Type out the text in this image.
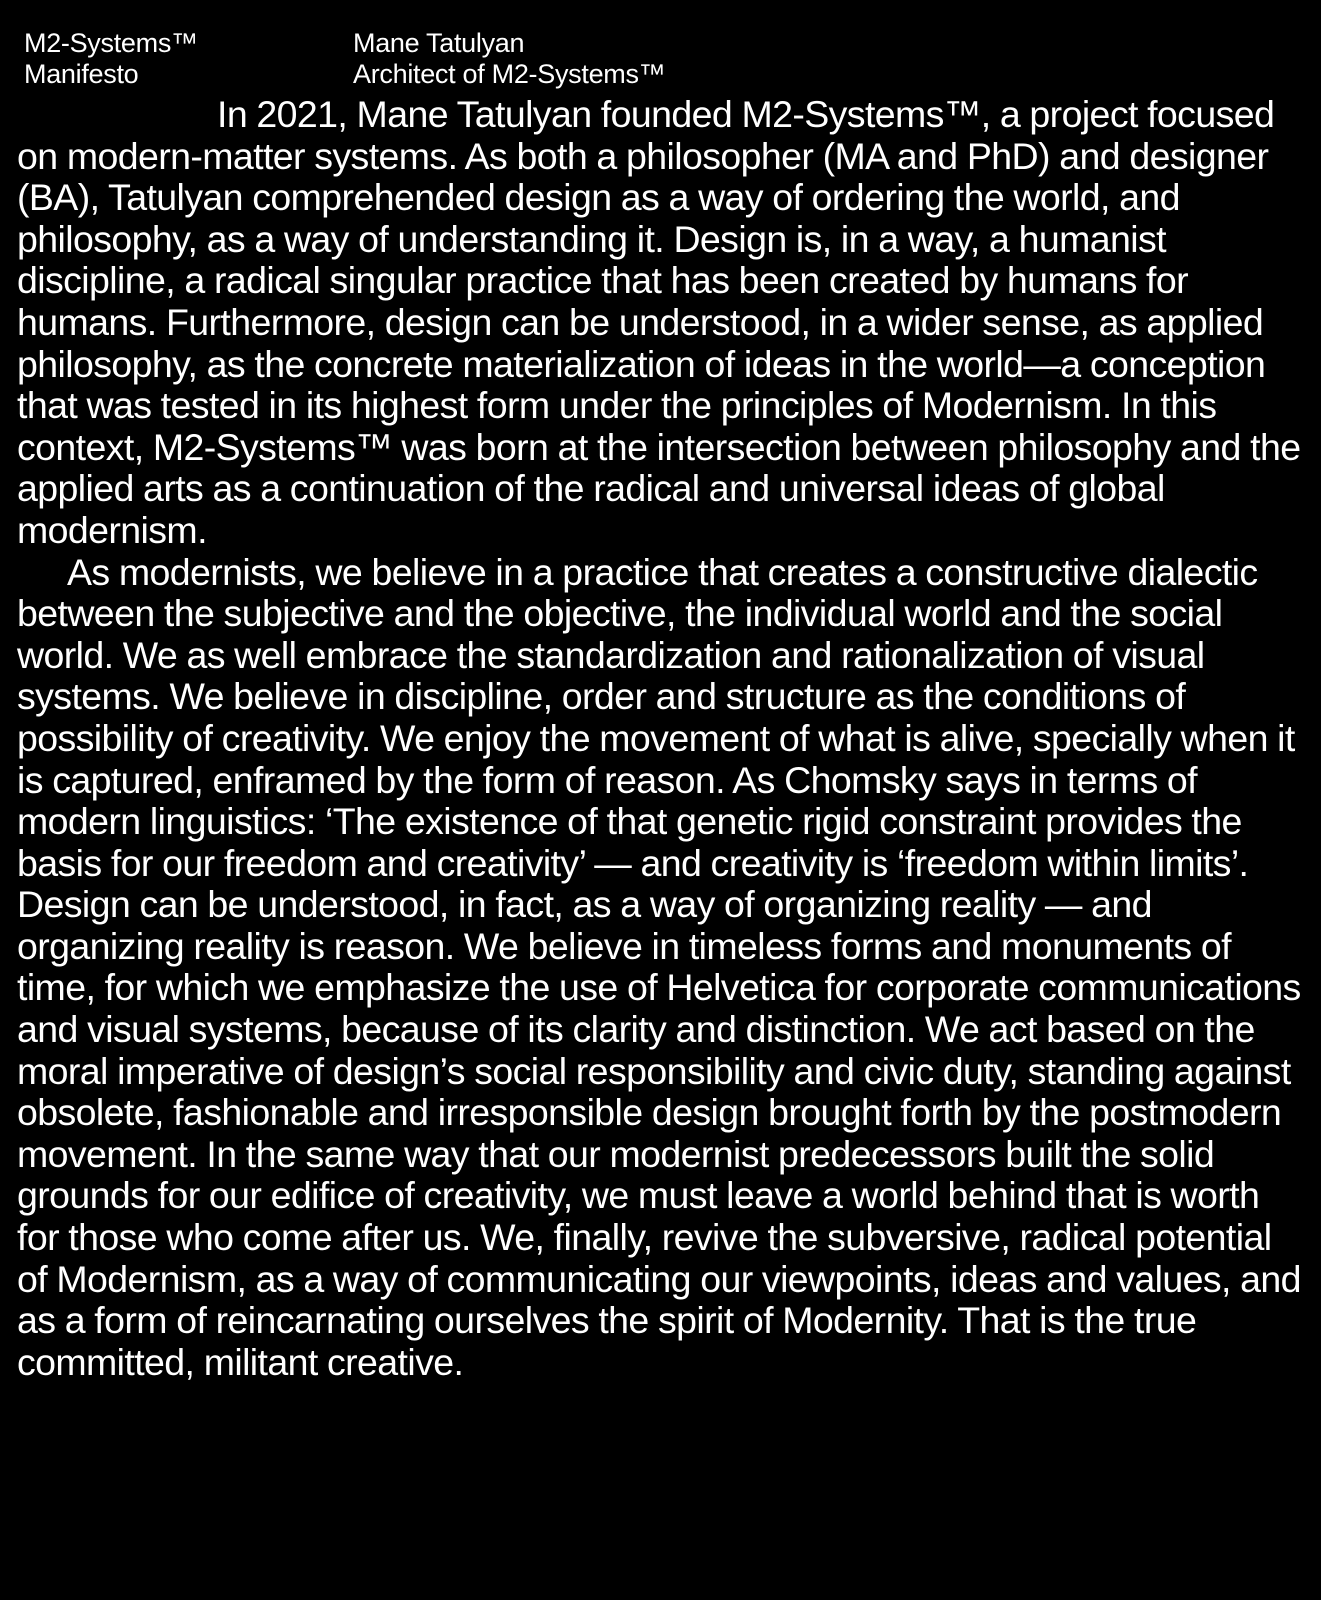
M2-Systems™
Manifesto
Mane Tatulyan
Architect of M2-Systems™

In 2021, Mane Tatulyan founded M2-Systems™, a project focused on modern-matter systems. As both a philosopher (MA and PhD) and designer (BA), Tatulyan comprehended design as a way of ordering the world, and philosophy, as a way of understanding it. Design is, in a way, a humanist discipline, a radical singular practice that has been created by humans for humans. Furthermore, design can be understood, in a wider sense, as applied philosophy, as the concrete materialization of ideas in the world—a conception that was tested in its highest form under the principles of Modernism. In this context, M2-Systems™ was born at the intersection between philosophy and the applied arts as a continuation of the radical and universal ideas of global modernism.

As modernists, we believe in a practice that creates a constructive dialectic between the subjective and the objective, the individual world and the social world. We as well embrace the standardization and rationalization of visual systems. We believe in discipline, order and structure as the conditions of possibility of creativity. We enjoy the movement of what is alive, specially when it is captured, enframed by the form of reason. As Chomsky says in terms of modern linguistics: ‘The existence of that genetic rigid constraint provides the basis for our freedom and creativity’ — and creativity is ‘freedom within limits’. Design can be understood, in fact, as a way of organizing reality — and organizing reality is reason. We believe in timeless forms and monuments of time, for which we emphasize the use of Helvetica for corporate communications and visual systems, because of its clarity and distinction. We act based on the moral imperative of design’s social responsibility and civic duty, standing against obsolete, fashionable and irresponsible design brought forth by the postmodern movement. In the same way that our modernist predecessors built the solid grounds for our edifice of creativity, we must leave a world behind that is worth for those who come after us. We, finally, revive the subversive, radical potential of Modernism, as a way of communicating our viewpoints, ideas and values, and as a form of reincarnating ourselves the spirit of Modernity. That is the true committed, militant creative.
